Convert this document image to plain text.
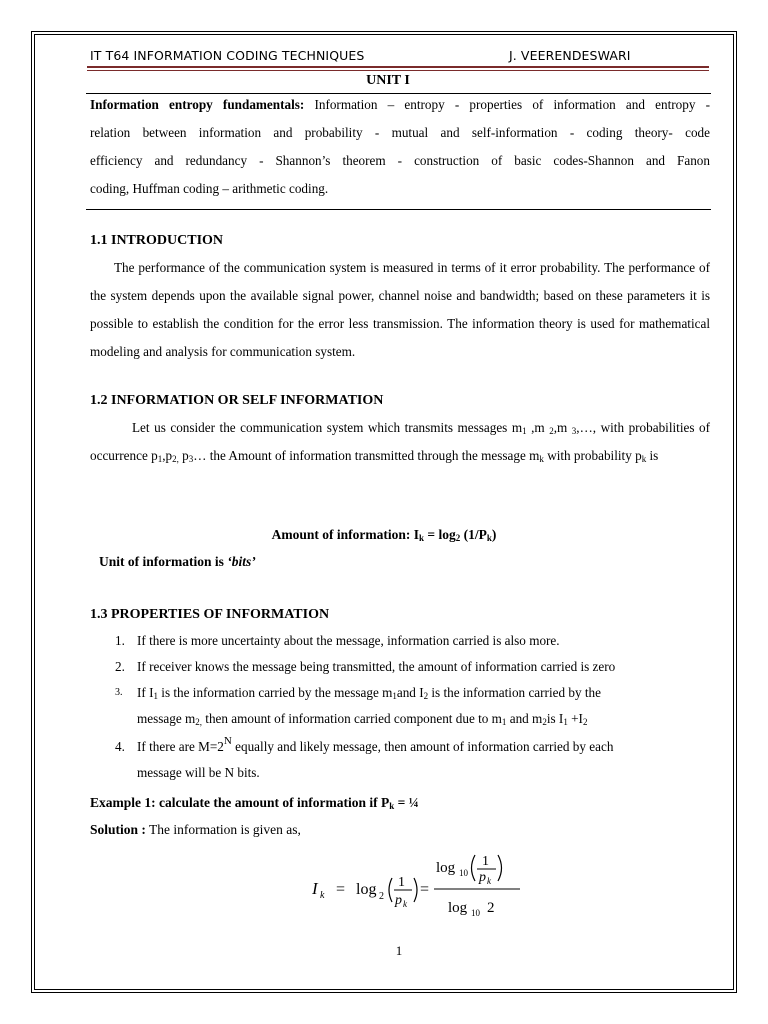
IT T64 INFORMATION CODING TECHNIQUES	J. VEERENDESWARI
UNIT I
Information entropy fundamentals: Information – entropy - properties of information and entropy -
relation between information and probability - mutual and self-information - coding theory- code
efficiency and redundancy - Shannon’s theorem - construction of basic codes-Shannon and Fanon
coding, Huffman coding – arithmetic coding.
1.1 INTRODUCTION
The performance of the communication system is measured in terms of it error probability. The performance of the system depends upon the available signal power, channel noise and bandwidth; based on these parameters it is possible to establish the condition for the error less transmission. The information theory is used for mathematical modeling and analysis for communication system.
1.2 INFORMATION OR SELF INFORMATION
Let us consider the communication system which transmits messages $m_1$ ,m $_2$,m $_3$,…, with probabilities of occurrence $p_1,p_{2,}$ $p_3\dots$ the Amount of information transmitted through the message $m_k$ with probability $p_k$ is
Amount of information: $I_k = \log_2 (1/P_k)$
Unit of information is ‘bits’
1.3 PROPERTIES OF INFORMATION
1. If there is more uncertainty about the message, information carried is also more.
2. If receiver knows the message being transmitted, the amount of information carried is zero
3. If $I_1$ is the information carried by the message $m_1and$ $I_2$ is the information carried by the
message $m_{2,}$ then amount of information carried component due to $m_1$ and $m_2is$ $I_1 +I_2$
4. If there are $M=2^N$ equally and likely message, then amount of information carried by each
message will be N bits.
Example 1: calculate the amount of information if $P_k$ = ¼
Solution : The information is given as,
I k = log 2
1
p k
=
log 10
1
p k
log 10 2
1
